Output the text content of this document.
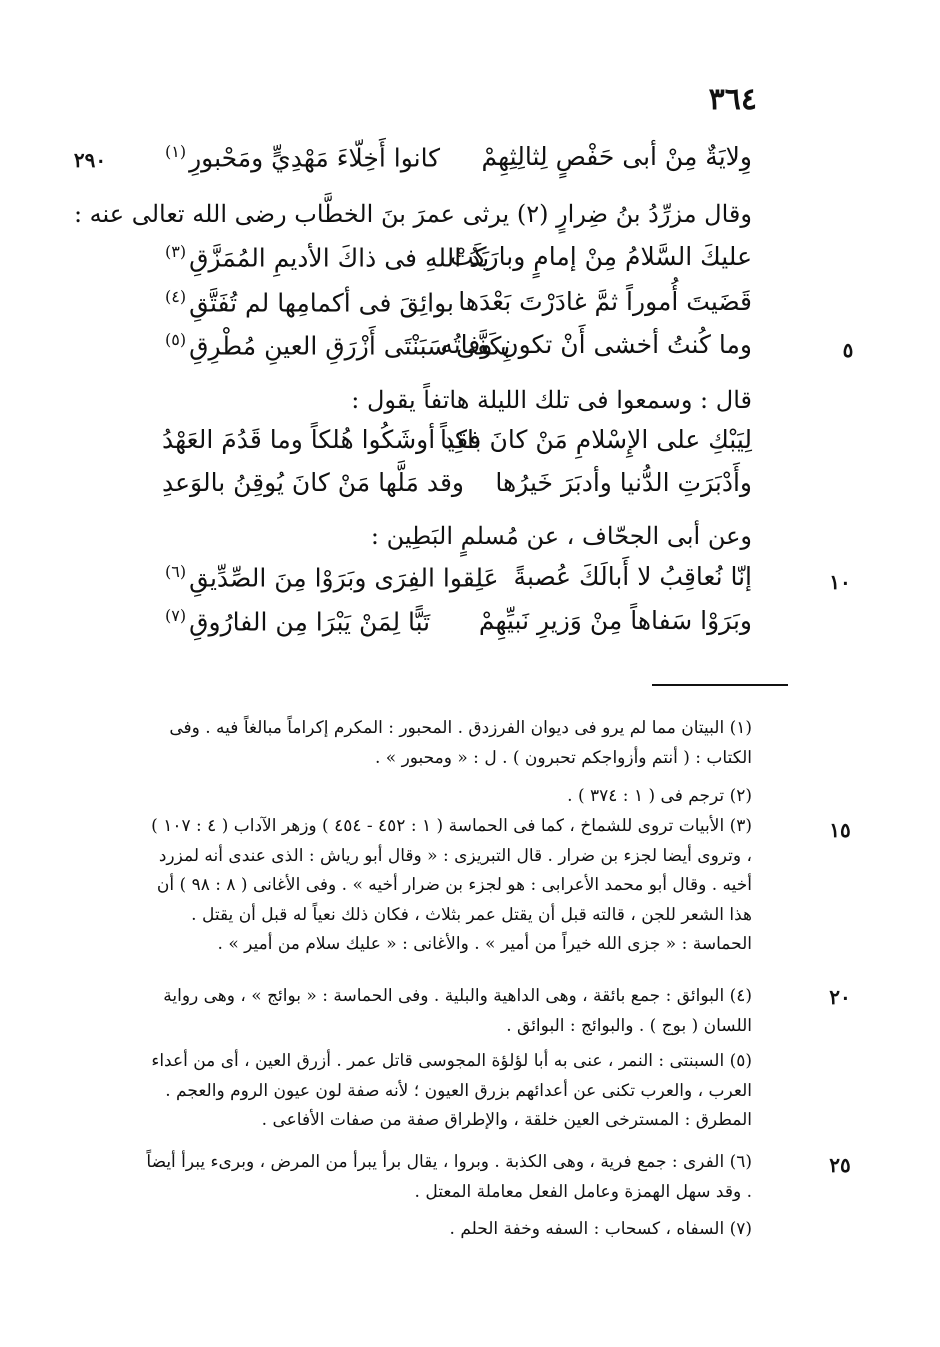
٣٦٤
٢٩٠
٥
١٠
١٥
٢٠
٢٥
وِلايَةٌ مِنْ أبى حَفْصٍ لِثالِثِهِمْ
كانوا أَخِلّاءَ مَهْدِيٍّ ومَحْبورِ$^{(١)}$
وقال مزرِّدُ بنُ ضِرارٍ (٢) يرثى عمرَ بنَ الخطَّاب رضى الله تعالى عنه :
عليكَ السَّلامُ مِنْ إمامٍ وبارَكَتْ
يَدُ اللهِ فى ذاكَ الأديمِ المُمَزَّقِ$^{(٣)}$
قَضَيتَ أُموراً ثمَّ غادَرْتَ بَعْدَها
بوائِقَ فى أكمامِها لم تُفَتَّقِ$^{(٤)}$
وما كُنتُ أخشى أَنْ تكون وفاتُه
بِكَفَّى سَبَنْتَى أَزْرَقِ العينِ مُطْرِقِ$^{(٥)}$
قال : وسمعوا فى تلك الليلة هاتفاً يقول :
لِيَبْكِ على الإِسْلامِ مَنْ كانَ باكِياً
فقد أوشَكُوا هُلكاً وما قَدُمَ العَهْدُ
وأَدْبَرَتِ الدُّنيا وأدبَرَ خَيرُها
وقد مَلَّها مَنْ كانَ يُوقِنُ بالوَعدِ
وعن أبى الجحّاف ، عن مُسلمٍ البَطِين :
إنّا نُعاقِبُ لا أَبالَكَ عُصبةً
عَلِقوا الفِرَى وبَرَوْا مِنَ الصِّدِّيقِ$^{(٦)}$
وبَرَوْا سَفاهاً مِنْ وَزيرِ نَبيِّهِمْ
تَبًّا لِمَنْ يَبْرَا مِن الفارُوقِ$^{(٧)}$
(١) البيتان مما لم يرو فى ديوان الفرزدق . المحبور : المكرم إكراماً مبالغاً فيه . وفى الكتاب : ( أنتم وأزواجكم تحبرون ) . ل : « ومحبور » .
(٢) ترجم فى ( ١ : ٣٧٤ ) .
(٣) الأبيات تروى للشماخ ، كما فى الحماسة ( ١ : ٤٥٢ - ٤٥٤ ) وزهر الآداب ( ٤ : ١٠٧ ) ، وتروى أيضا لجزء بن ضرار . قال التبريزى : « وقال أبو رياش : الذى عندى أنه لمزرد أخيه . وقال أبو محمد الأعرابى : هو لجزء بن ضرار أخيه » . وفى الأغانى ( ٨ : ٩٨ ) أن هذا الشعر للجن ، قالته قبل أن يقتل عمر بثلاث ، فكان ذلك نعياً له قبل أن يقتل . الحماسة : « جزى الله خيراً من أمير » . والأغانى : « عليك سلام من أمير » .
(٤) البوائق : جمع بائقة ، وهى الداهية والبلية . وفى الحماسة : « بوائج » ، وهى رواية اللسان ( بوج ) . والبوائج : البوائق .
(٥) السبنتى : النمر ، عنى به أبا لؤلؤة المجوسى قاتل عمر . أزرق العين ، أى من أعداء العرب ، والعرب تكنى عن أعدائهم بزرق العيون ؛ لأنه صفة لون عيون الروم والعجم . المطرق : المسترخى العين خلقة ، والإطراق صفة من صفات الأفاعى .
(٦) الفرى : جمع فرية ، وهى الكذبة . وبروا ، يقال برأ يبرأ من المرض ، وبرىء يبرأ أيضاً . وقد سهل الهمزة وعامل الفعل معاملة المعتل .
(٧) السفاه ، كسحاب : السفه وخفة الحلم .
